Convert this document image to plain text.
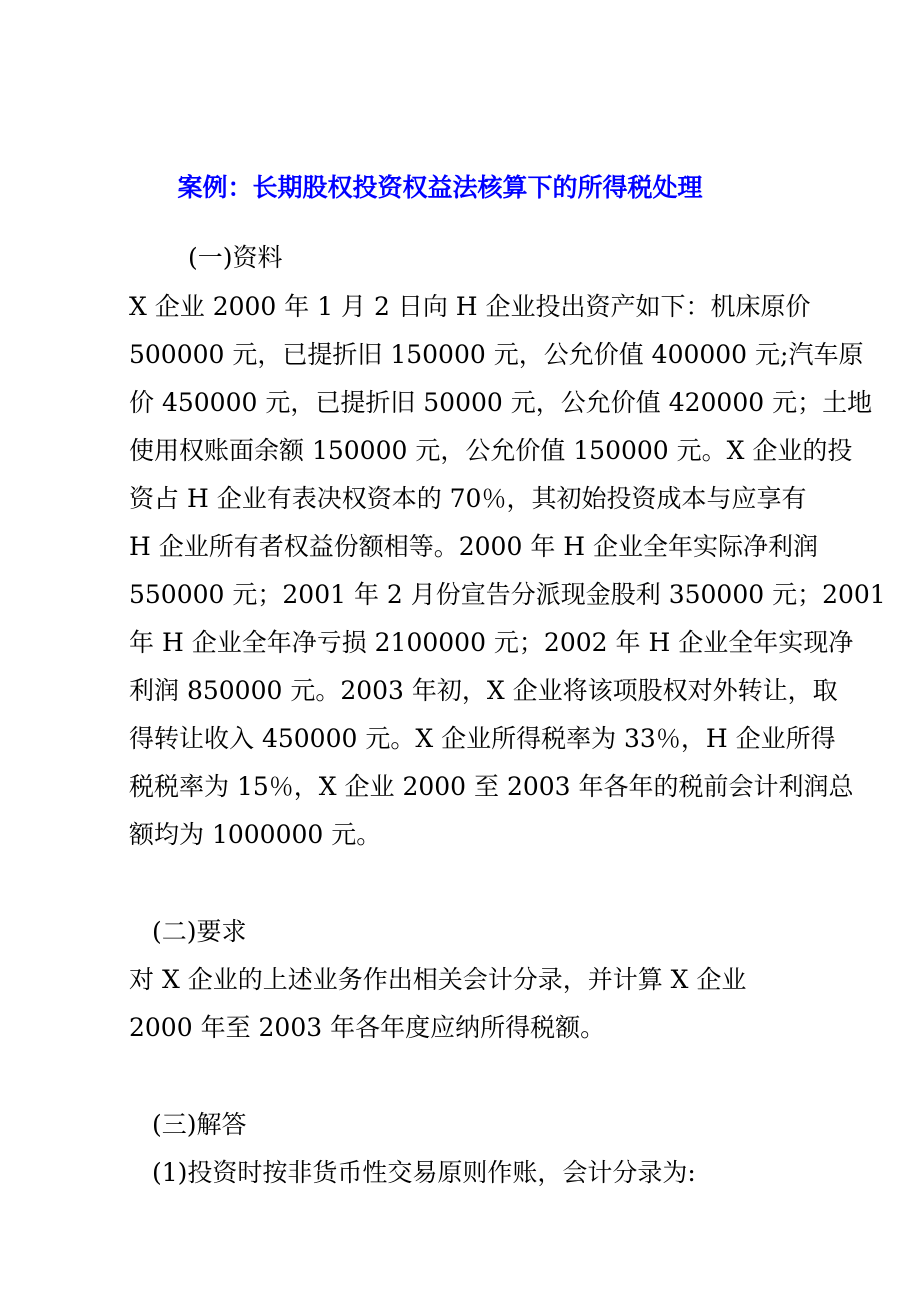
案例：长期股权投资权益法核算下的所得税处理
(一)资料
X 企业 2000 年 1 月 2 日向 H 企业投出资产如下：机床原价
500000 元，已提折旧 150000 元，公允价值 400000 元;汽车原
价 450000 元，已提折旧 50000 元，公允价值 420000 元；土地
使用权账面余额 150000 元，公允价值 150000 元。X 企业的投
资占 H 企业有表决权资本的 70％，其初始投资成本与应享有
H 企业所有者权益份额相等。2000 年 H 企业全年实际净利润
550000 元；2001 年 2 月份宣告分派现金股利 350000 元；2001
年 H 企业全年净亏损 2100000 元；2002 年 H 企业全年实现净
利润 850000 元。2003 年初，X 企业将该项股权对外转让，取
得转让收入 450000 元。X 企业所得税率为 33％，H 企业所得
税税率为 15％，X 企业 2000 至 2003 年各年的税前会计利润总
额均为 1000000 元。
(二)要求
对 X 企业的上述业务作出相关会计分录，并计算 X 企业
2000 年至 2003 年各年度应纳所得税额。
(三)解答
(1)投资时按非货币性交易原则作账，会计分录为:
